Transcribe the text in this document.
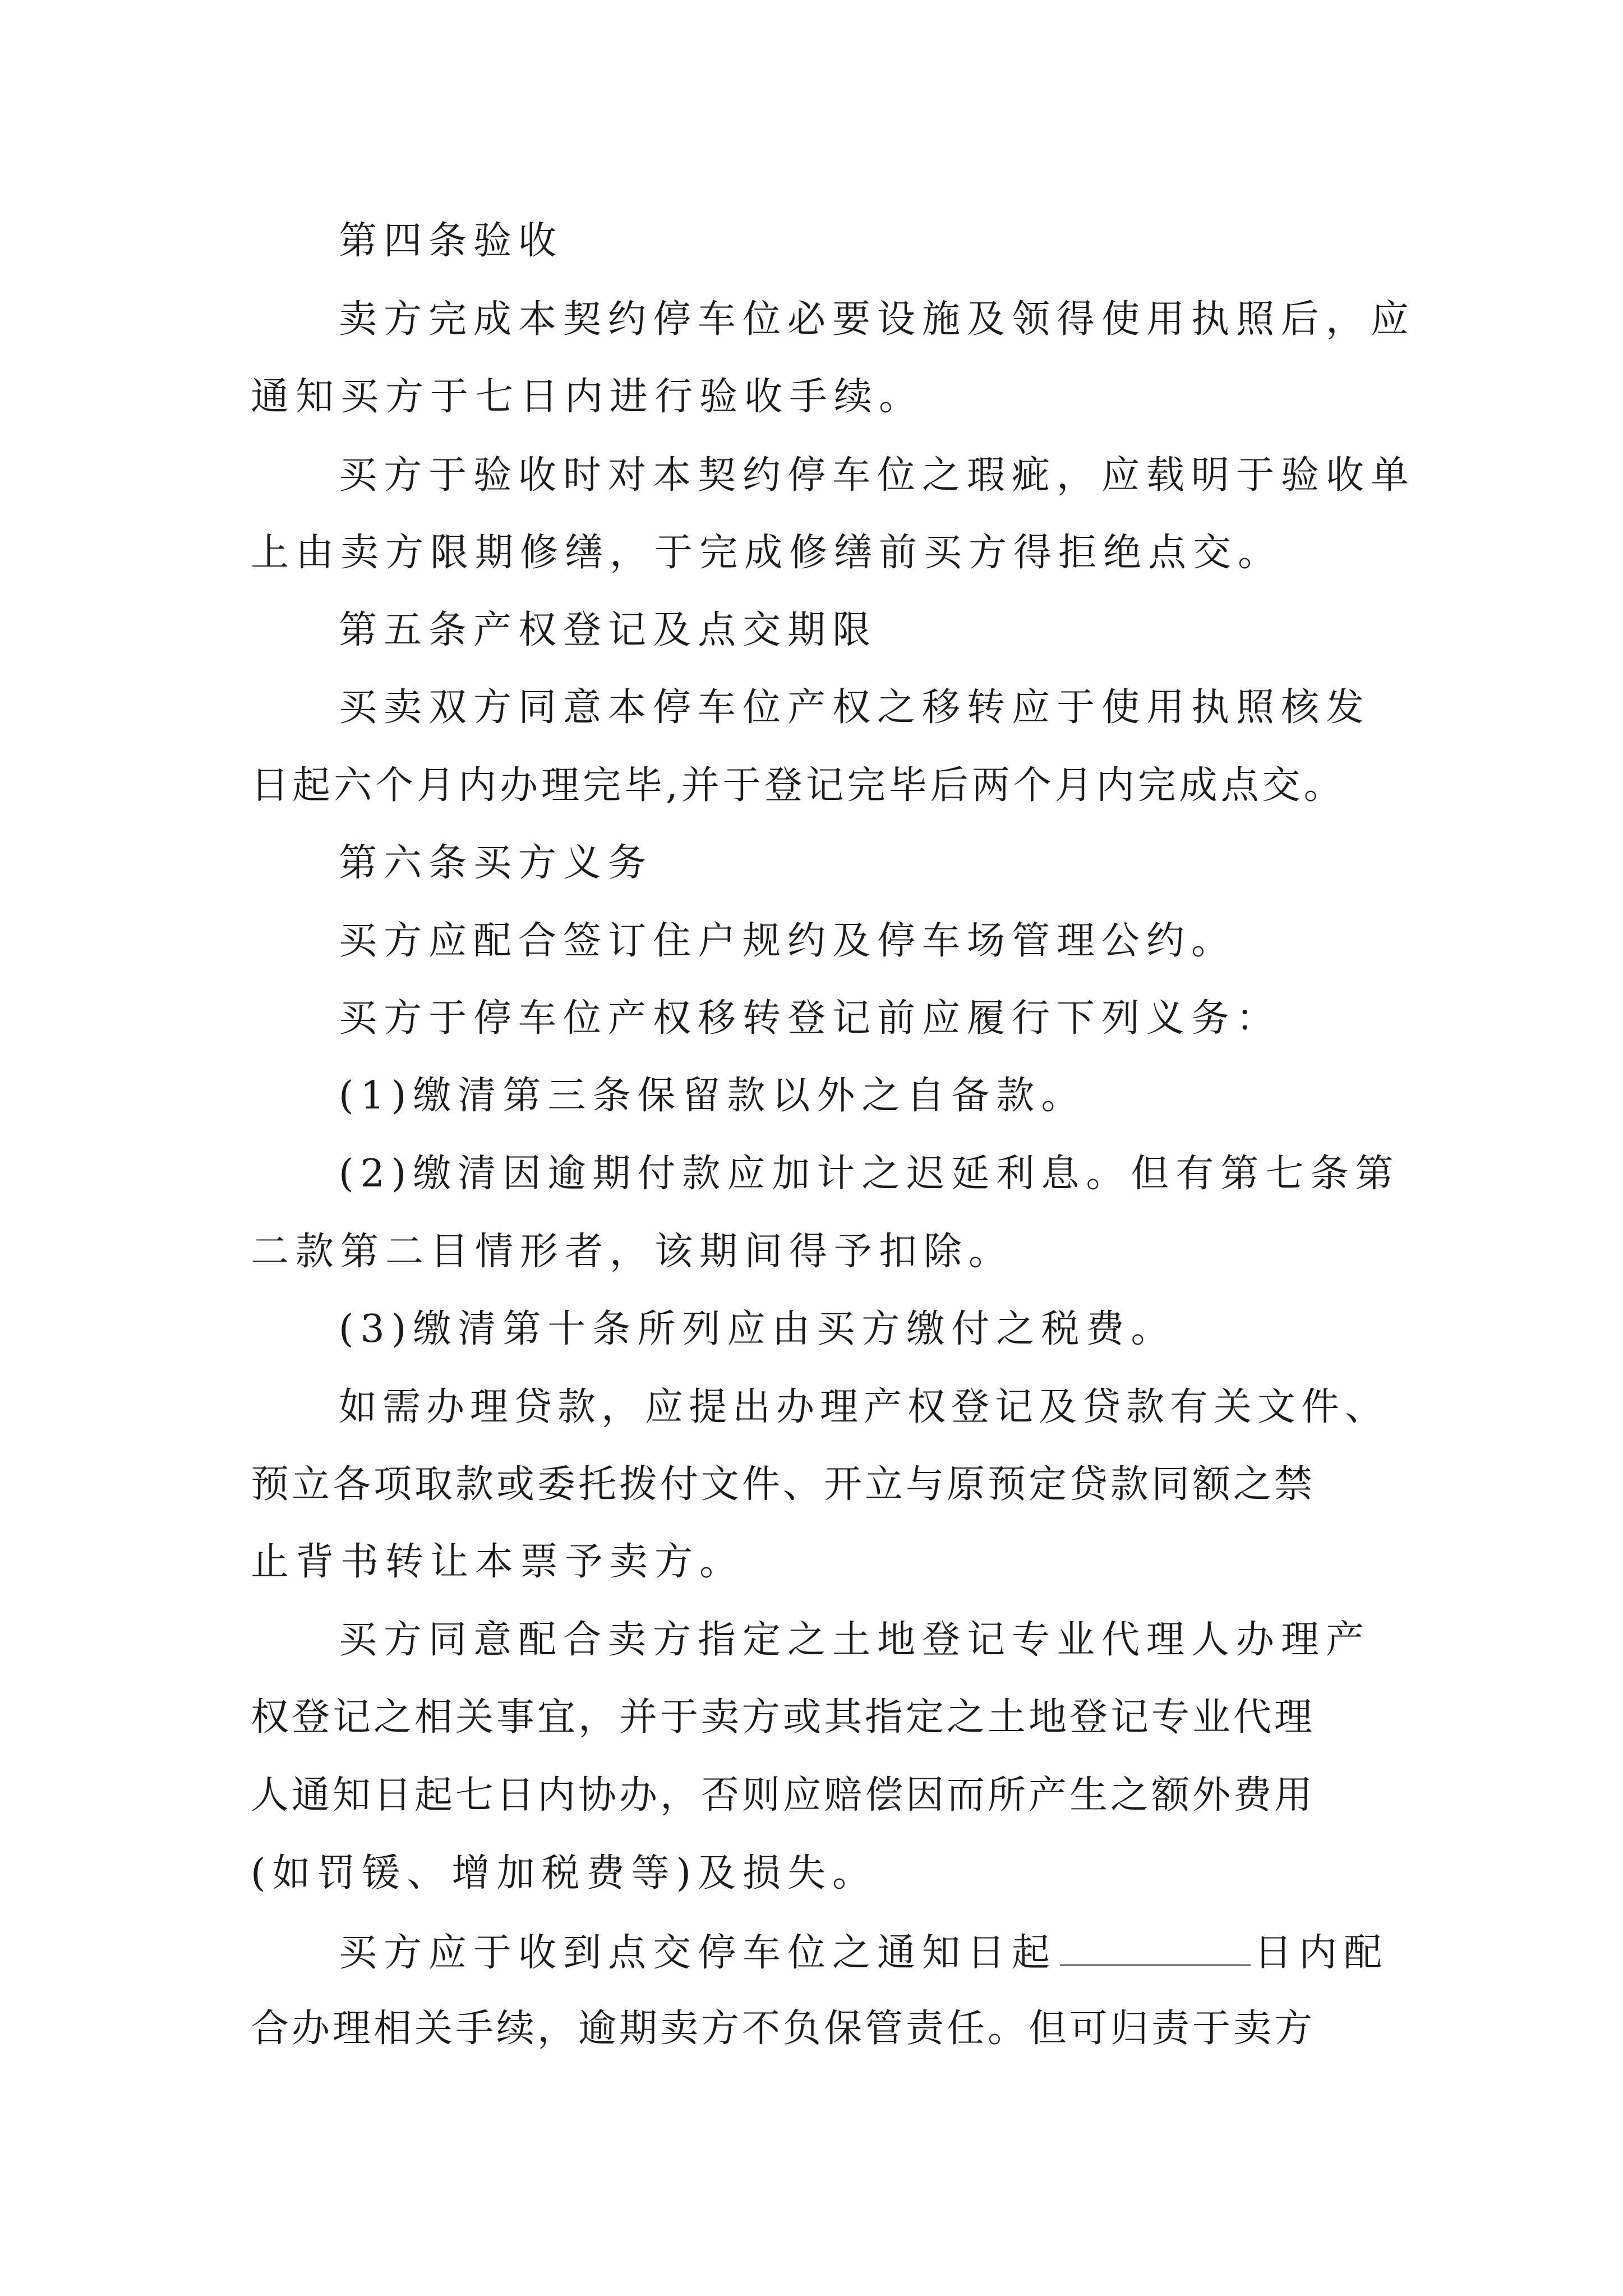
第四条验收

卖方完成本契约停车位必要设施及领得使用执照后，应

通知买方于七日内进行验收手续。

买方于验收时对本契约停车位之瑕疵，应载明于验收单

上由卖方限期修缮，于完成修缮前买方得拒绝点交。

第五条产权登记及点交期限

买卖双方同意本停车位产权之移转应于使用执照核发

日起六个月内办理完毕,并于登记完毕后两个月内完成点交。

第六条买方义务

买方应配合签订住户规约及停车场管理公约。

买方于停车位产权移转登记前应履行下列义务：

(1)缴清第三条保留款以外之自备款。

(2)缴清因逾期付款应加计之迟延利息。但有第七条第

二款第二目情形者，该期间得予扣除。

(3)缴清第十条所列应由买方缴付之税费。

如需办理贷款，应提出办理产权登记及贷款有关文件、

预立各项取款或委托拨付文件、开立与原预定贷款同额之禁

止背书转让本票予卖方。

买方同意配合卖方指定之土地登记专业代理人办理产

权登记之相关事宜，并于卖方或其指定之土地登记专业代理

人通知日起七日内协办，否则应赔偿因而所产生之额外费用

(如罚锾、增加税费等)及损失。

买方应于收到点交停车位之通知日起	日内配

合办理相关手续，逾期卖方不负保管责任。但可归责于卖方
